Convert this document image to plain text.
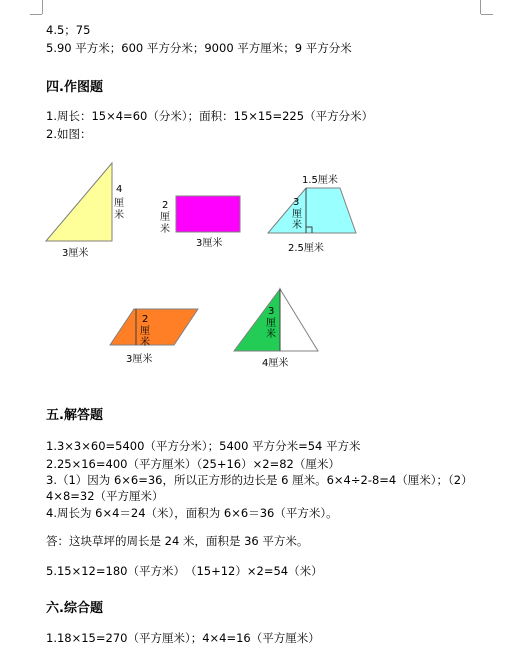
4.5；75
5.90 平方米；600 平方分米；9000 平方厘米；9 平方分米
四.作图题
1.周长：15×4=60（分米）；面积：15×15=225（平方分米）
2.如图：
4
厘米
3厘米
2
厘米
3厘米
1.5厘米
3
厘米
2.5厘米
2
厘米
3厘米
3
厘米
4厘米
五.解答题
1.3×3×60=5400（平方分米）；5400 平方分米=54 平方米
2.25×16=400（平方厘米）（25+16）×2=82（厘米）
3.（1）因为 6×6=36，所以正方形的边长是 6 厘米。6×4÷2-8=4（厘米）；（2）
4×8=32（平方厘米）
4.周长为 6×4＝24（米），面积为 6×6＝36（平方米）。
答：这块草坪的周长是 24 米，面积是 36 平方米。
5.15×12=180（平方米）　（15+12）×2=54（米）
六.综合题
1.18×15=270（平方厘米）；4×4=16（平方厘米）
